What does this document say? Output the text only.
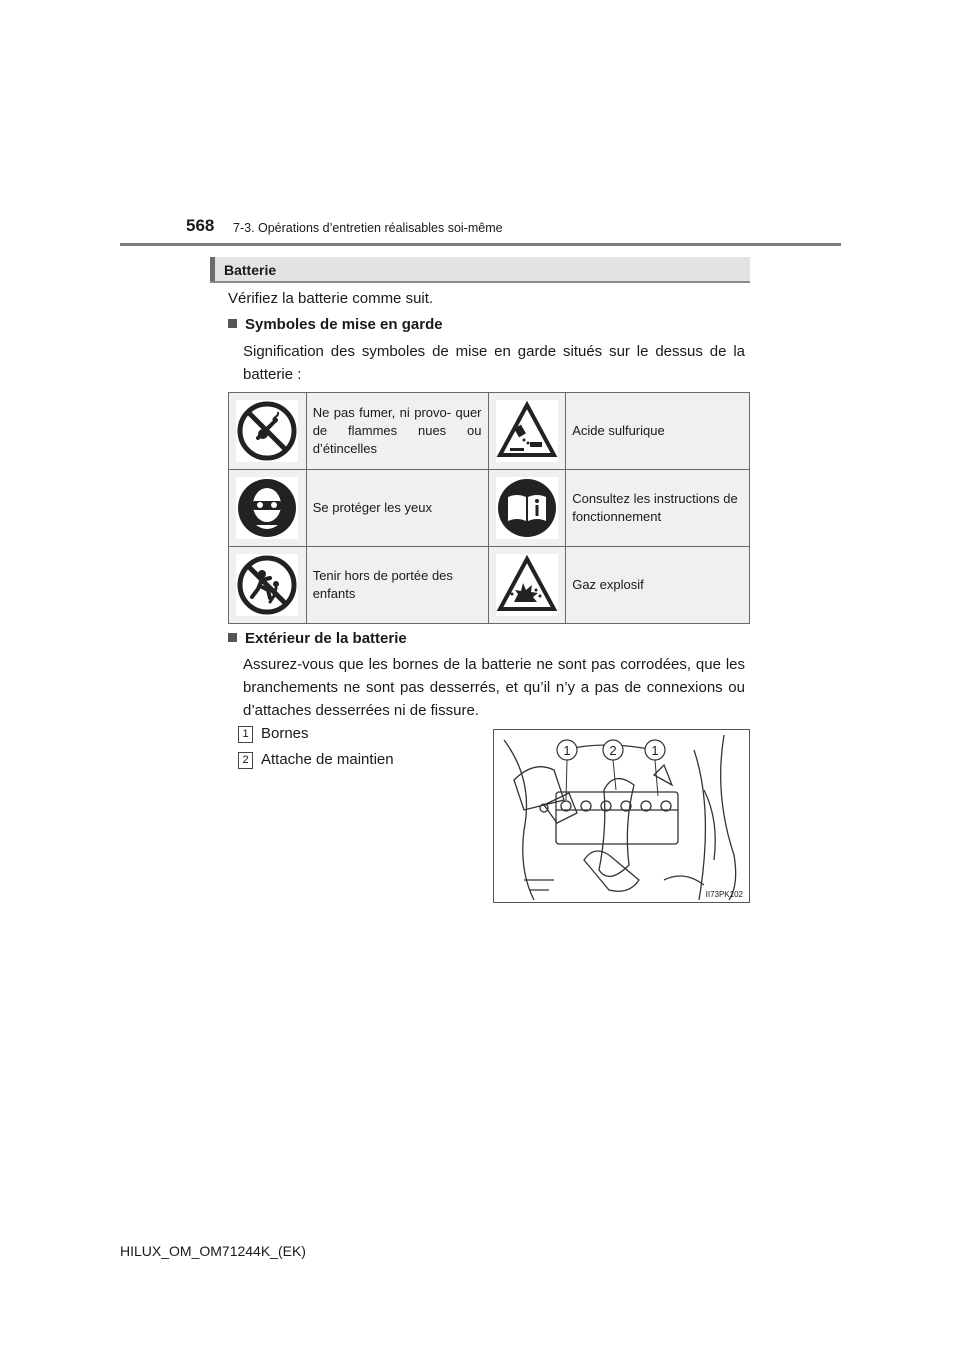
568 7-3. Opérations d’entretien réalisables soi-même
Batterie
Vérifiez la batterie comme suit.
Symboles de mise en garde
Signification des symboles de mise en garde situés sur le dessus de la batterie :
	Ne pas fumer, ni provo- quer de flammes nues ou d’étincelles		Acide sulfurique
	Se protéger les yeux		Consultez les instructions de fonctionnement
	Tenir hors de portée des enfants		Gaz explosif
Extérieur de la batterie
Assurez-vous que les bornes de la batterie ne sont pas corrodées, que les branchements ne sont pas desserrés, et qu’il n’y a pas de connexions ou d’attaches desserrées ni de fissure.
1 Bornes
2 Attache de maintien
1	2	1
II73PK102
HILUX_OM_OM71244K_(EK)
